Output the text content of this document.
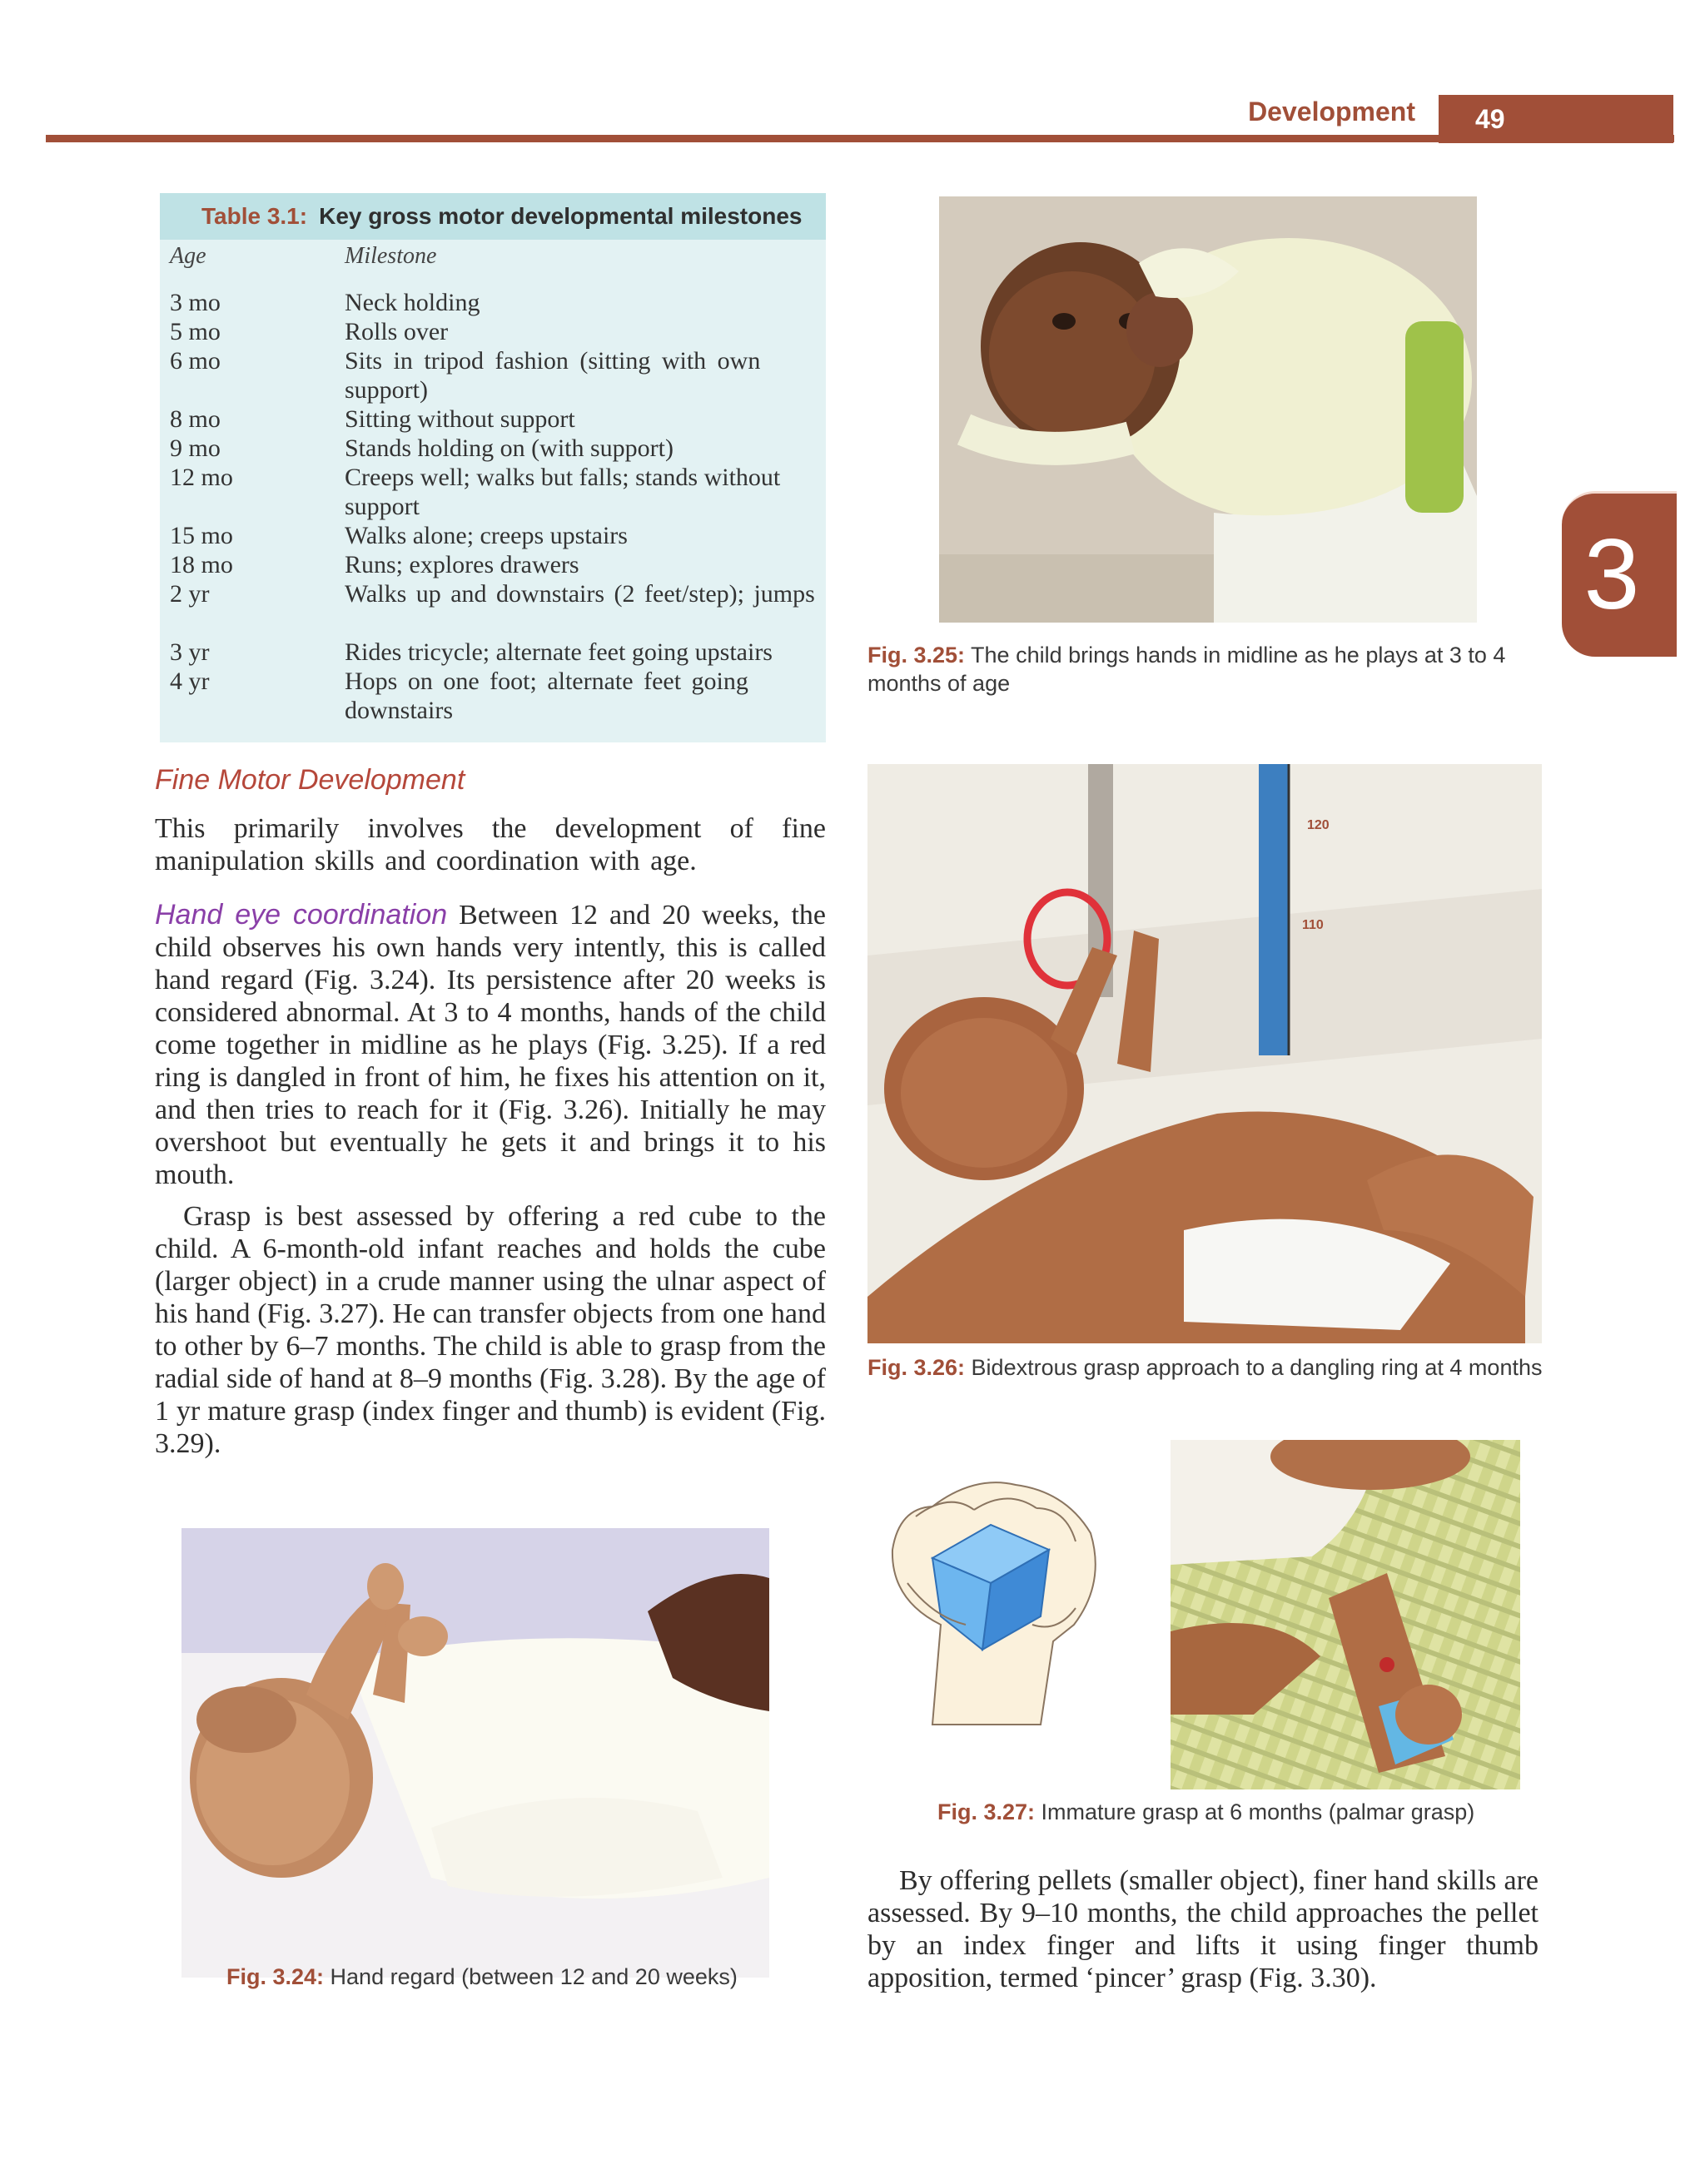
Development	49
3
Table 3.1: Key gross motor developmental milestones
Age	Milestone
3 mo	Neck holding
5 mo	Rolls over
6 mo	Sits in tripod fashion (sitting with own support)
8 mo	Sitting without support
9 mo	Stands holding on (with support)
12 mo	Creeps well; walks but falls; stands without support
15 mo	Walks alone; creeps upstairs
18 mo	Runs; explores drawers
2 yr	Walks up and downstairs (2 feet/step); jumps
3 yr	Rides tricycle; alternate feet going upstairs
4 yr	Hops on one foot; alternate feet going downstairs
Fine Motor Development
This primarily involves the development of fine manipulation skills and coordination with age.
Hand eye coordination Between 12 and 20 weeks, the child observes his own hands very intently, this is called hand regard (Fig. 3.24). Its persistence after 20 weeks is considered abnormal. At 3 to 4 months, hands of the child come together in midline as he plays (Fig. 3.25). If a red ring is dangled in front of him, he fixes his attention on it, and then tries to reach for it (Fig. 3.26). Initially he may overshoot but eventually he gets it and brings it to his mouth.
Grasp is best assessed by offering a red cube to the child. A 6-month-old infant reaches and holds the cube (larger object) in a crude manner using the ulnar aspect of his hand (Fig. 3.27). He can transfer objects from one hand to other by 6–7 months. The child is able to grasp from the radial side of hand at 8–9 months (Fig. 3.28). By the age of 1 yr mature grasp (index finger and thumb) is evident (Fig. 3.29).
Fig. 3.25: The child brings hands in midline as he plays at 3 to 4 months of age
120
110
Fig. 3.26: Bidextrous grasp approach to a dangling ring at 4 months
Fig. 3.27: Immature grasp at 6 months (palmar grasp)
Fig. 3.24: Hand regard (between 12 and 20 weeks)
By offering pellets (smaller object), finer hand skills are assessed. By 9–10 months, the child approaches the pellet by an index finger and lifts it using finger thumb apposition, termed ‘pincer’ grasp (Fig. 3.30).
